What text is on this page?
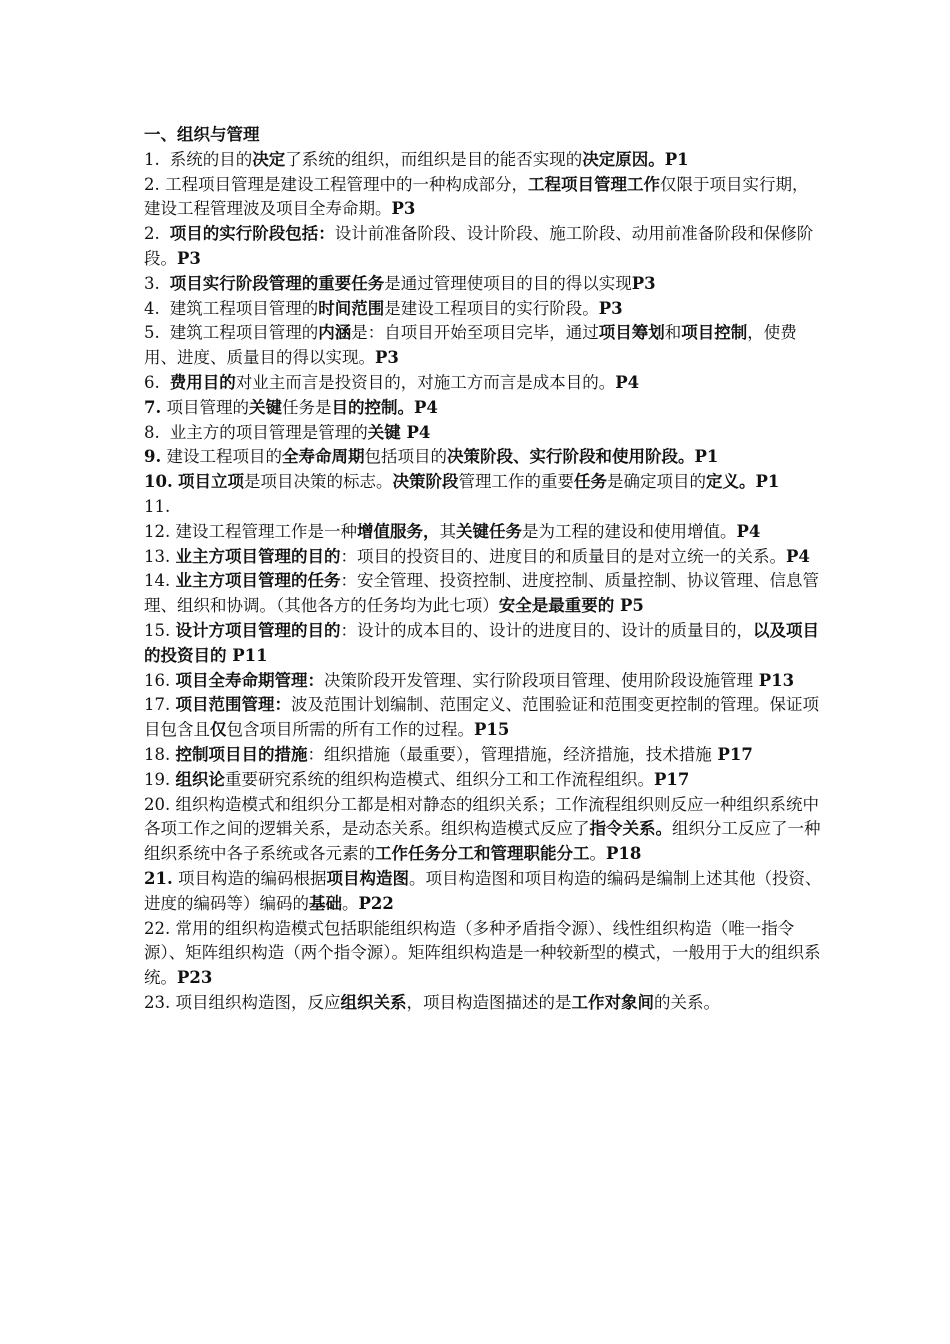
一、组织与管理

1. 系统的目的决定了系统的组织，而组织是目的能否实现的决定原因。P1

2. 工程项目管理是建设工程管理中的一种构成部分，工程项目管理工作仅限于项目实行期，建设工程管理波及项目全寿命期。P3

2. 项目的实行阶段包括：设计前准备阶段、设计阶段、施工阶段、动用前准备阶段和保修阶段。P3

3. 项目实行阶段管理的重要任务是通过管理使项目的目的得以实现P3

4. 建筑工程项目管理的时间范围是建设工程项目的实行阶段。P3

5. 建筑工程项目管理的内涵是：自项目开始至项目完毕，通过项目筹划和项目控制，使费用、进度、质量目的得以实现。P3

6. 费用目的对业主而言是投资目的，对施工方而言是成本目的。P4

7. 项目管理的关键任务是目的控制。P4

8. 业主方的项目管理是管理的关键 P4

9. 建设工程项目的全寿命周期包括项目的决策阶段、实行阶段和使用阶段。P1

10. 项目立项是项目决策的标志。决策阶段管理工作的重要任务是确定项目的定义。P1

11.

12. 建设工程管理工作是一种增值服务，其关键任务是为工程的建设和使用增值。P4

13. 业主方项目管理的目的：项目的投资目的、进度目的和质量目的是对立统一的关系。P4

14. 业主方项目管理的任务：安全管理、投资控制、进度控制、质量控制、协议管理、信息管理、组织和协调。（其他各方的任务均为此七项）安全是最重要的 P5

15. 设计方项目管理的目的：设计的成本目的、设计的进度目的、设计的质量目的，以及项目的投资目的 P11

16. 项目全寿命期管理：决策阶段开发管理、实行阶段项目管理、使用阶段设施管理 P13

17. 项目范围管理：波及范围计划编制、范围定义、范围验证和范围变更控制的管理。保证项目包含且仅包含项目所需的所有工作的过程。P15

18. 控制项目目的措施：组织措施（最重要），管理措施，经济措施，技术措施 P17

19. 组织论重要研究系统的组织构造模式、组织分工和工作流程组织。P17

20. 组织构造模式和组织分工都是相对静态的组织关系；工作流程组织则反应一种组织系统中各项工作之间的逻辑关系，是动态关系。组织构造模式反应了指令关系。组织分工反应了一种组织系统中各子系统或各元素的工作任务分工和管理职能分工。P18

21. 项目构造的编码根据项目构造图。项目构造图和项目构造的编码是编制上述其他（投资、进度的编码等）编码的基础。P22

22. 常用的组织构造模式包括职能组织构造（多种矛盾指令源）、线性组织构造（唯一指令源）、矩阵组织构造（两个指令源）。矩阵组织构造是一种较新型的模式，一般用于大的组织系统。P23

23. 项目组织构造图，反应组织关系，项目构造图描述的是工作对象间的关系。
